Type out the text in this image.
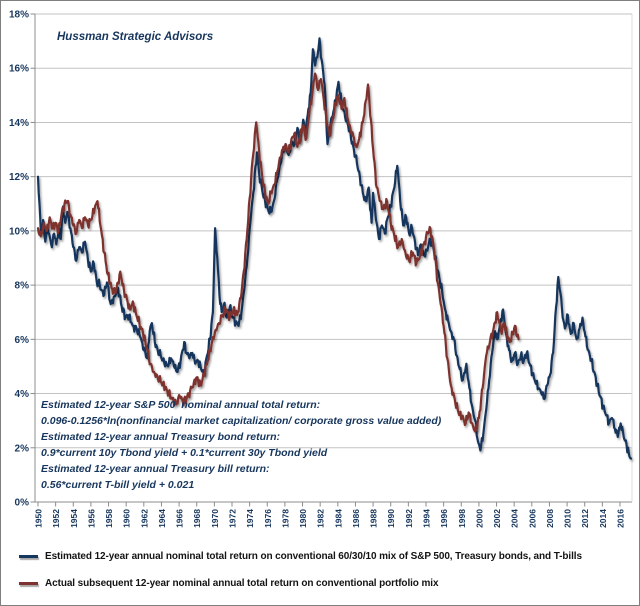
0%
2%
4%
6%
8%
10%
12%
14%
16%
18%
1950 1952 1954 1956 1958 1960 1962 1964 1966 1968 1970 1972 1974 1976 1978 1980 1982 1984 1986 1988 1990 1992 1994 1996 1998 2000 2002 2004 2006 2008 2010 2012 2014 2016
Hussman Strategic Advisors
Estimated 12-year S&P 500  nominal annual total return:
0.096-0.1256*ln(nonfinancial market capitalization/ corporate gross value added)
Estimated 12-year annual Treasury bond return:
0.9*current 10y Tbond yield + 0.1*current 30y Tbond yield
Estimated 12-year annual Treasury bill return:
0.56*current T-bill yield + 0.021
Estimated 12-year annual nominal total return on conventional 60/30/10 mix of S&P 500, Treasury bonds, and T-bills
Actual subsequent 12-year nominal annual total return on conventional portfolio mix
